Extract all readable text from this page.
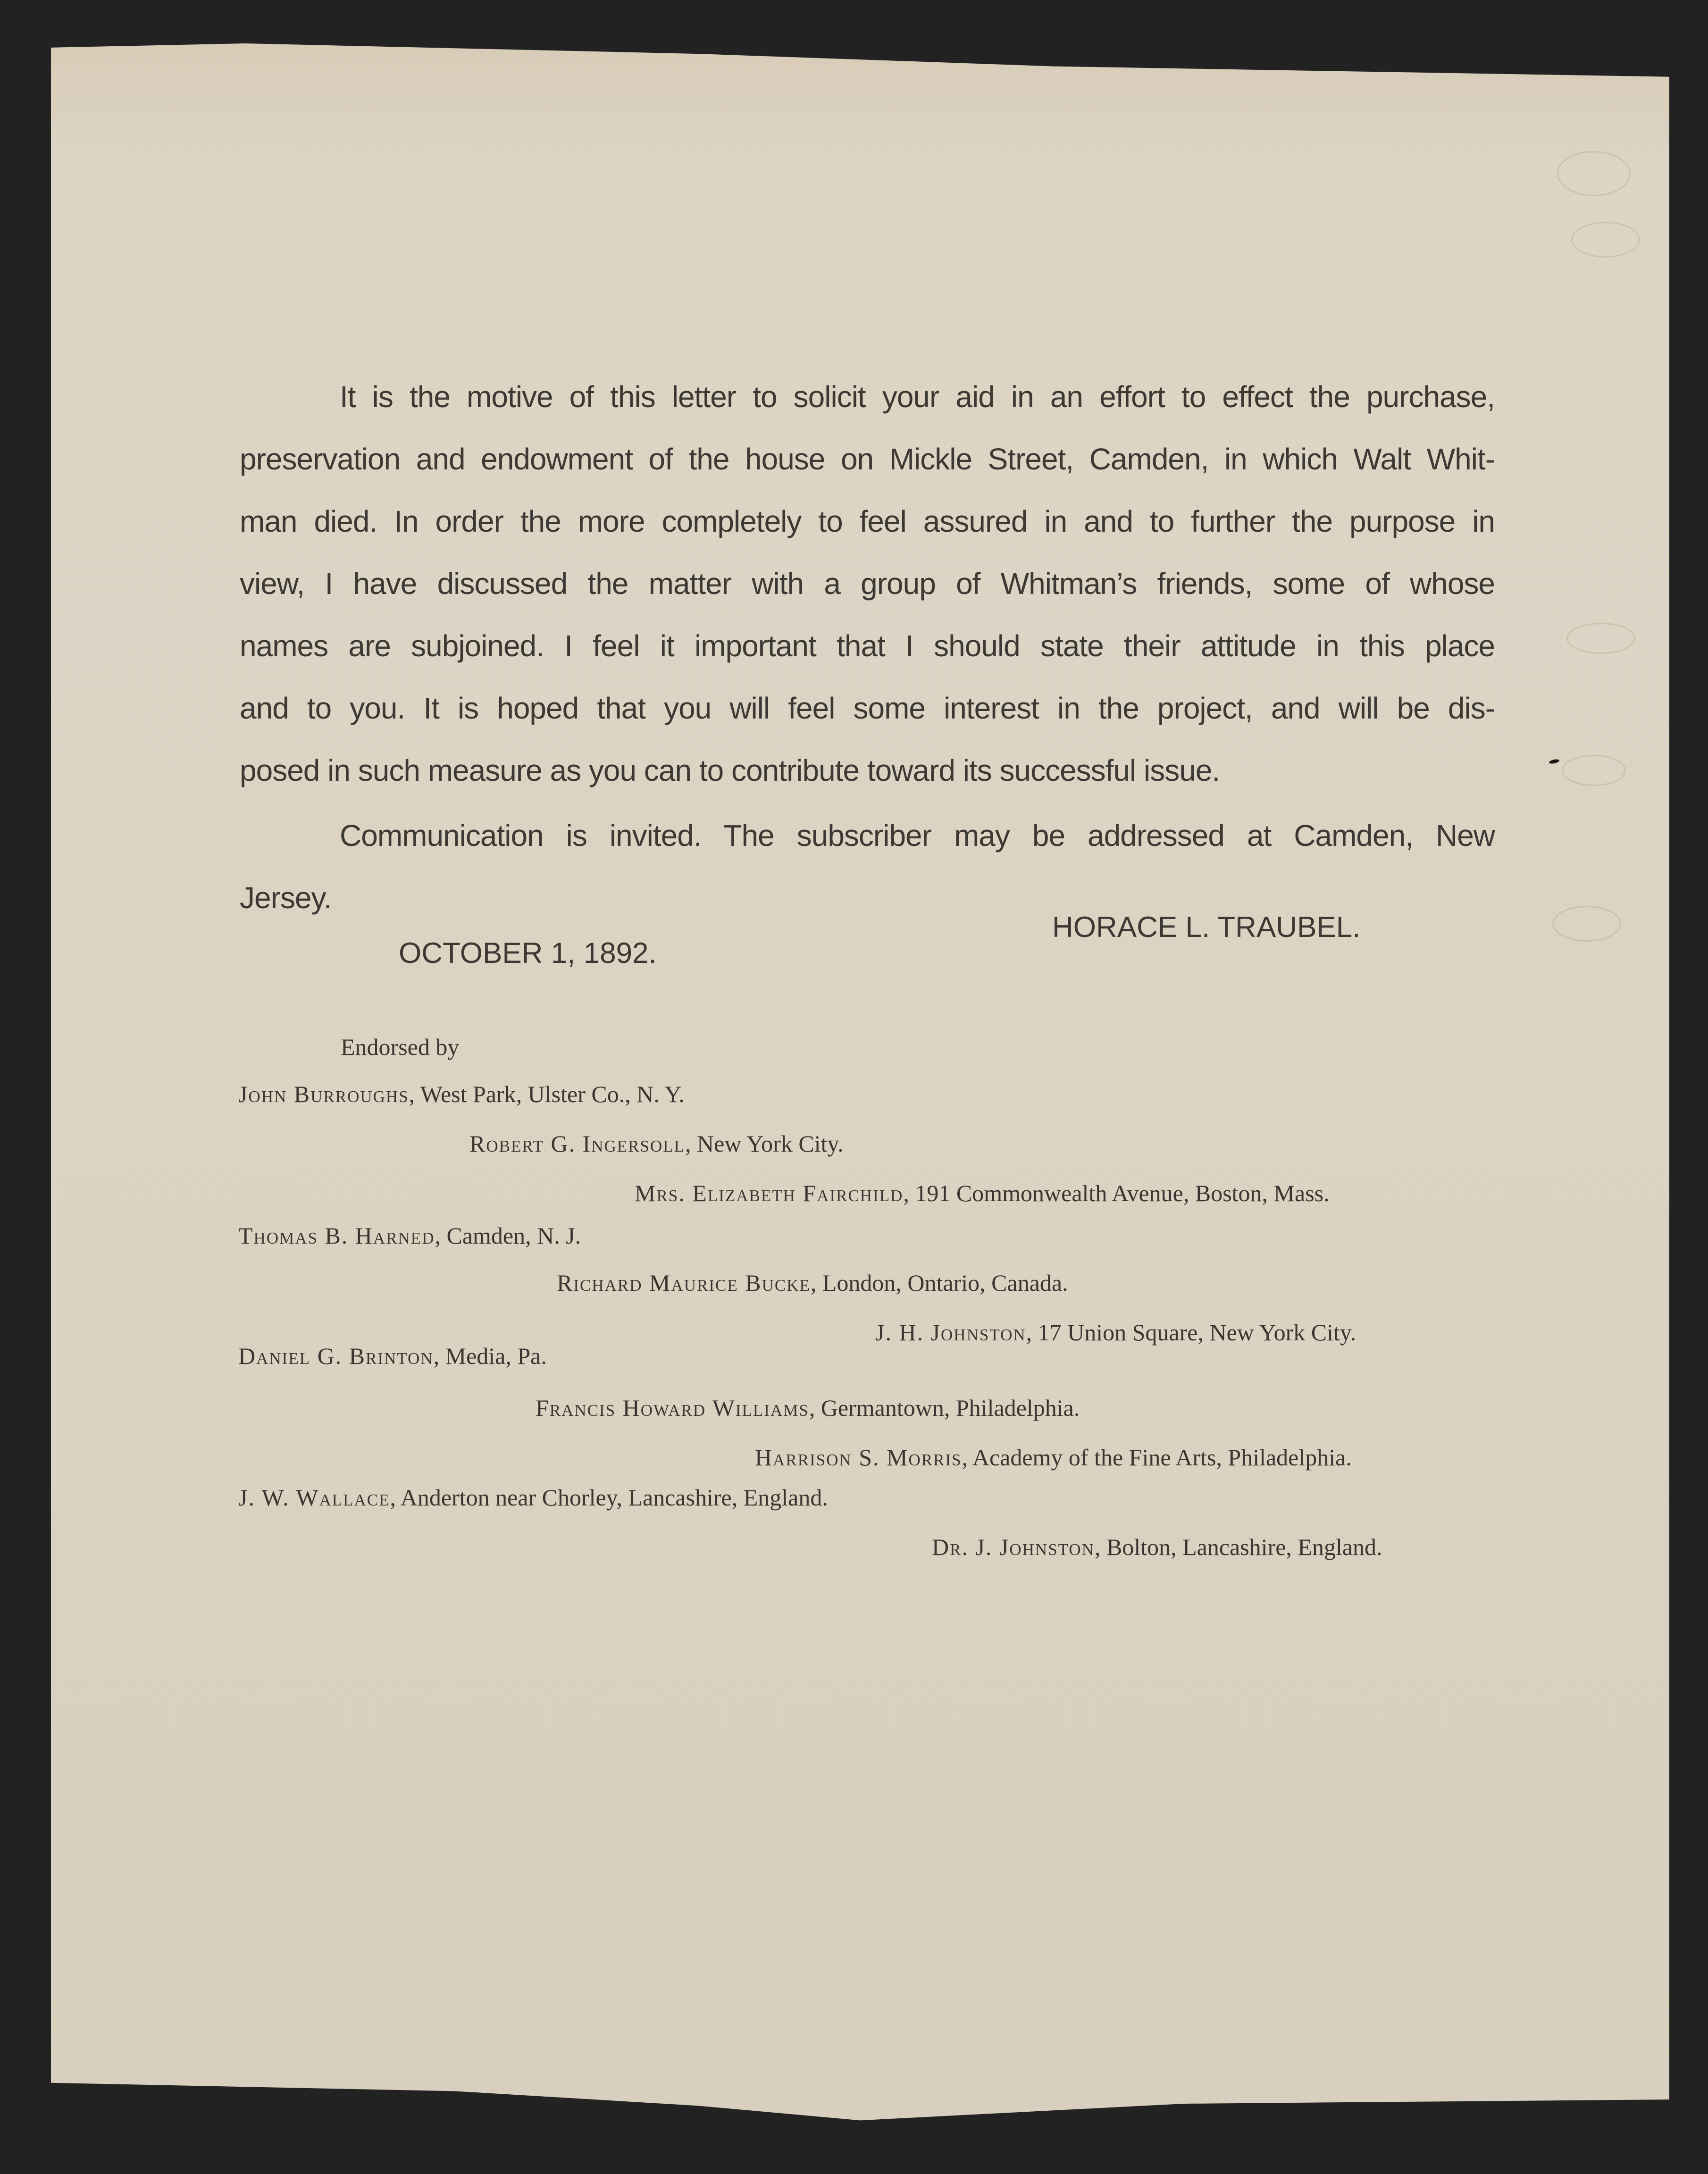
It is the motive of this letter to solicit your aid in an effort to effect the purchase,
preservation and endowment of the house on Mickle Street, Camden, in which Walt Whit-
man died. In order the more completely to feel assured in and to further the purpose in
view, I have discussed the matter with a group of Whitman’s friends, some of whose
names are subjoined. I feel it important that I should state their attitude in this place
and to you. It is hoped that you will feel some interest in the project, and will be dis-
posed in such measure as you can to contribute toward its successful issue.
Communication is invited. The subscriber may be addressed at Camden, New
Jersey.
HORACE L. TRAUBEL.
OCTOBER 1, 1892.
Endorsed by
John Burroughs, West Park, Ulster Co., N. Y.
Robert G. Ingersoll, New York City.
Mrs. Elizabeth Fairchild, 191 Commonwealth Avenue, Boston, Mass.
Thomas B. Harned, Camden, N. J.
Richard Maurice Bucke, London, Ontario, Canada.
J. H. Johnston, 17 Union Square, New York City.
Daniel G. Brinton, Media, Pa.
Francis Howard Williams, Germantown, Philadelphia.
Harrison S. Morris, Academy of the Fine Arts, Philadelphia.
J. W. Wallace, Anderton near Chorley, Lancashire, England.
Dr. J. Johnston, Bolton, Lancashire, England.
